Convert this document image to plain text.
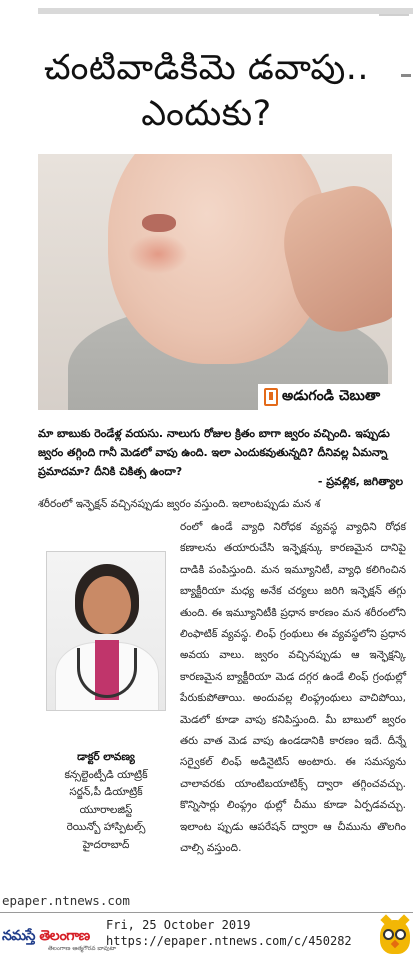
చంటివాడికిమె డవాపు..
ఎందుకు?
అడుగండి చెబుతా
మా బాబుకు రెండేళ్ల వయసు. నాలుగు రోజుల క్రితం బాగా జ్వరం వచ్చింది. ఇప్పుడు జ్వరం తగ్గింది గానీ మెడలో వాపు ఉంది. ఇలా ఎందుకవుతున్నది? దీనివల్ల ఏమన్నా ప్రమాదమా? దీనికి చికిత్స ఉందా?
- ప్రవల్లిక, జగిత్యాల
శరీరంలో ఇన్ఫెక్షన్ వచ్చినప్పుడు జ్వరం వస్తుంది. ఇలాంటప్పుడు మన శ
రంలో ఉండే వ్యాధి నిరోధక వ్యవస్థ వ్యాధిని రోధక కణాలను తయారుచేసి ఇన్ఫెక్షన్కు కారణమైన దానిపై దాడికి పంపిస్తుంది. మన ఇమ్యూనిటీ, వ్యాధి కలిగించిన బ్యాక్టీరియా మధ్య అనేక చర్యలు జరిగి ఇన్ఫెక్షన్ తగ్గు తుంది. ఈ ఇమ్యూనిటీకి ప్రధాన కారణం మన శరీరంలోని లింఫాటిక్ వ్యవస్థ. లింఫ్ గ్రంథులు ఈ వ్యవస్థలోని ప్రధాన అవయ వాలు. జ్వరం వచ్చినప్పుడు ఆ ఇన్ఫెక్షన్కి కారణమైన బ్యాక్టీరియా మెడ దగ్గర ఉండే లింఫ్ గ్రంథుల్లో పేరుకుపోతాయి. అందువల్ల లింఫ్గ్రంథులు వాచిపోయి, మెడలో కూడా వాపు కనిపిస్తుంది. మీ బాబులో జ్వరం తరు వాత మెడ వాపు ఉండడానికి కారణం ఇదే. దీన్నే సర్వైకల్ లింఫ్ అడినైటిస్ అంటారు. ఈ సమస్యను చాలావరకు యాంటిబయాటిక్స్ ద్వారా తగ్గించవచ్చు. కొన్నిసార్లు లింఫ్గ్రం థుల్లో చీము కూడా ఏర్పడవచ్చు. ఇలాంట ప్పుడు ఆపరేషన్ ద్వారా ఆ చీమును తొలగిం చాల్సి వస్తుంది.
డాక్టర్ లావణ్య
కన్సల్టెంట్పీడి యాట్రిక్
సర్జన్,పీ డియాట్రిక్
యూరాలజిస్ట్
రెయిన్బో హాస్పిటల్స్
హైదరాబాద్
epaper.ntnews.com
నమస్తే తెలంగాణ
తెలంగాణ ఆత్మగౌరవ బావుటా
Fri, 25 October 2019
https://epaper.ntnews.com/c/450282
